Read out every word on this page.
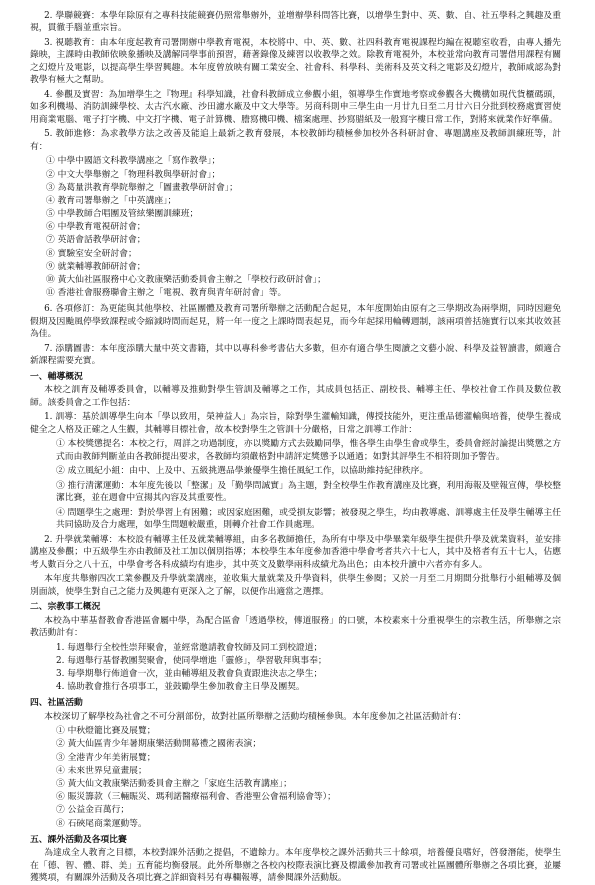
2. 學聯競賽：本學年除原有之專科技能競賽仍照常舉辦外，並增辦學科問答比賽，以增學生對中、英、數、自、社五學科之興趣及重視，貫徹手腦並重宗旨。

3. 視聽教育：由本年度起教育司署開辦中學教育電視，本校將中、中、英、數、社四科教育電視課程均編在視聽室收看，由專人播先錄映，主課時由教師依映象播映及講解同學事前預習，藉著錄像及練習以收教學之效。除教育電視外，本校並常向教育司署借用課程有關之幻燈片及電影，以提高學生學習興趣。本年度曾放映有關工業安全、社會科、科學科、美術科及英文科之電影及幻燈片，教師咸認為對教學有極大之幫助。

4. 參觀及實習：為加增學生之『物理』科學知識，社會科教師成立參觀小組，領導學生作實地考察或參觀各大機構如現代貨櫃碼頭，如多利機場、消防訓練學校、太古汽水廠、沙田濾水廠及中文大學等。另商科則申三學生由一月廿九日至二月廿六日分批到校務處實習使用商業電腦、電子打字機、中文打字機、電子計算機、謄寫機印機、檔案處理、抄寫腊紙及一般寫字樓日常工作，對將來就業作好準備。

5. 教師進修：為求教學方法之改善及能追上最新之教育發展，本校教師均積極參加校外各科研討會、專題講座及教師訓練班等，計有：

① 中學中國語文科教學講座之「寫作教學」；
② 中文大學舉辦之「物理科教與學研討會」；
③ 為葛量洪教育學院舉辦之「圖畫教學研討會」；
④ 教育司署舉辦之「中英講座」；
⑤ 中學教師合唱團及管絃樂團訓練班；
⑥ 中學教育電視研討會；
⑦ 英語會話教學研討會；
⑧ 實驗室安全研討會；
⑨ 就業輔導教師研討會；
⑩ 黃大仙社區服務中心文教康樂活動委員會主辦之「學校行政研討會」；
⑪ 香港社會服務聯會主辦之「電視、教育與青年研討會」等。

6. 各項修訂：為更能與其他學校、社區團體及教育司署所舉辦之活動配合起見，本年度開始由原有之三學期改為兩學期，同時因避免假期及因颱風停學致課程或令縮減時間而起見，將一年一度之上課時間表起見，而今年起採用輪轉週制，該兩項普括施實行以來其收效甚為佳。

7. 添購圖書：本年度添購大量中英文書籍，其中以專科參考書佔大多數，但亦有適合學生閱讀之文藝小說、科學及益智讀書，頗適合新課程需要充實。

一、輔導概況

本校之訓育及輔導委員會，以輔導及推動對學生管訓及輔導之工作，其成員包括正、副校長、輔導主任、學校社會工作員及數位教師。該委員會之工作包括：

1. 訓導：基於訓導學生向本「學以致用，榮神益人」為宗旨，除對學生灌輸知識，傳授技能外，更注重品德灌輸與培養，使學生養成健全之人格及正確之人生觀，其輔導目標社會，故本校對學生之管訓十分嚴格，日常之訓導工作計：

① 本校獎懲提名：本校之行，周詳之功過制度，亦以獎勵方式去鼓勵同學，惟各學生由學生會或學生，委員會經討論提出獎懲之方式而由教師判斷並由各教師提出要求，各教師均須嚴格對申請評定獎懲予以通過；如對其評學生不相符則加予警告。

② 成立風紀小組：由中、上及中、五級挑選品學兼優學生擔任風紀工作，以協助維持紀律秩序。

③ 推行清潔運動：本年度先後以「整潔」及「勤學問誠實」為主題，對全校學生作教育講座及比賽，利用海報及壁報宣傳，學校整潔比賽，並在週會中宣揚其內容及其重要性。

④ 問題學生之處理：對於學習上有困難；或因家庭困難，或受損友影響；被發現之學生，均由教導處、訓導處主任及學生輔導主任共同協助及合力處理，如學生問題較嚴重，則轉介社會工作員處理。

2. 升學就業輔導：本校設有輔導主任及就業輔導組，由多名教師擔任，為所有中學及中學畢業年級學生提供升學及就業資料，並安排講座及參觀；中五級學生亦由教師及社工加以個別指導；本校學生本年度參加香港中學會考者共六十七人，其中及格者有五十七人，佔應考人數百分之八十五，中學會考各科成績均有進步，其中英文及數學兩科成績尤為出色；由本校升讀中六者亦有多人。

本年度共舉辦四次工業參觀及升學就業講座，並收集大量就業及升學資料，供學生參閱；又於一月至二月期間分批舉行小組輔導及個別面談，使學生對自己之能力及興趣有更深入之了解，以便作出適當之選擇。

二、宗教事工概況

本校為中華基督教會香港區會屬中學，為配合區會「透過學校，傳道服務」的口號，本校素來十分重視學生的宗教生活，所舉辦之宗教活動計有：

1. 每週舉行全校性崇拜聚會，並經常邀請教會牧師及同工到校證道；
2. 每週舉行基督教團契聚會，使同學增進「靈修」，學習敬拜與事奉；
3. 每學期舉行佈道會一次，並由輔導組及教會負責跟進決志之學生；
4. 協助教會推行各項事工，並鼓勵學生參加教會主日學及團契。
四、社區活動

本校深切了解學校為社會之不可分割部份，故對社區所舉辦之活動均積極參與。本年度參加之社區活動計有：

① 中秋燈籠比賽及展覽；
② 黃大仙區青少年暑期康樂活動開幕禮之國術表演；
③ 全港青少年美術展覽；
④ 未來世界兒童畫展；
⑤ 黃大仙文教康樂活動委員會主辦之「家庭生活教育講座」；
⑥ 賑災籌款（三輛賑災、瑪利諾醫療福利會、香港聖公會福利協會等）；
⑦ 公益金百萬行；
⑧ 石硤尾商業運動等。
五、課外活動及各項比賽

為達成全人教育之目標，本校對課外活動之提倡，不遺餘力。本年度學校之課外活動共三十餘項，培養優良嗜好，啓發潛能，使學生在「德、智、體、群、美」五育能均衡發展。此外所舉辦之各校內校際表演比賽及標識參加教育司署或社區團體所舉辦之各項比賽，並屢獲獎項，有關課外活動及各項比賽之詳細資料另有專欄報導，請參閱課外活動版。
